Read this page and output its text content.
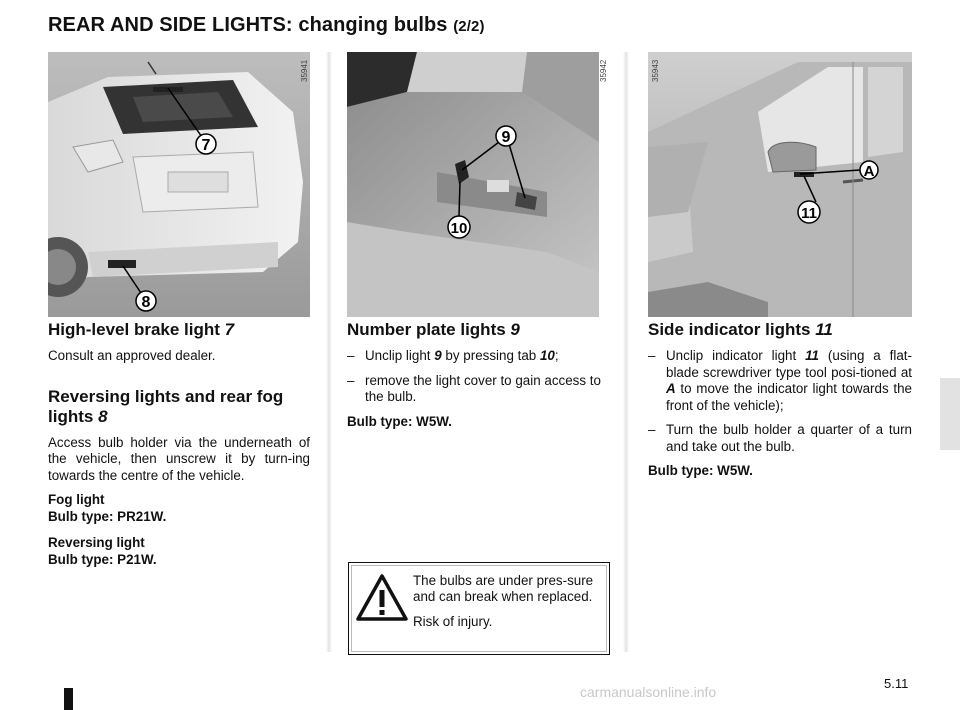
REAR AND SIDE LIGHTS: changing bulbs (2/2)
35941
7
8
35942
9
10
35943
A
11
High-level brake light 7

Consult an approved dealer.

Reversing lights and rear fog lights 8

Access bulb holder via the underneath of the vehicle, then unscrew it by turn-ing towards the centre of the vehicle.

Fog light
Bulb type: PR21W.

Reversing light
Bulb type: P21W.

Number plate lights 9
– Unclip light 9 by pressing tab 10;
– remove the light cover to gain access to the bulb.

Bulb type: W5W.

Side indicator lights 11
– Unclip indicator light 11 (using a flat-blade screwdriver type tool posi-tioned at A to move the indicator light towards the front of the vehicle);
– Turn the bulb holder a quarter of a turn and take out the bulb.

Bulb type: W5W.

The bulbs are under pres-sure and can break when replaced.

Risk of injury.

5.11
carmanualsonline.info
